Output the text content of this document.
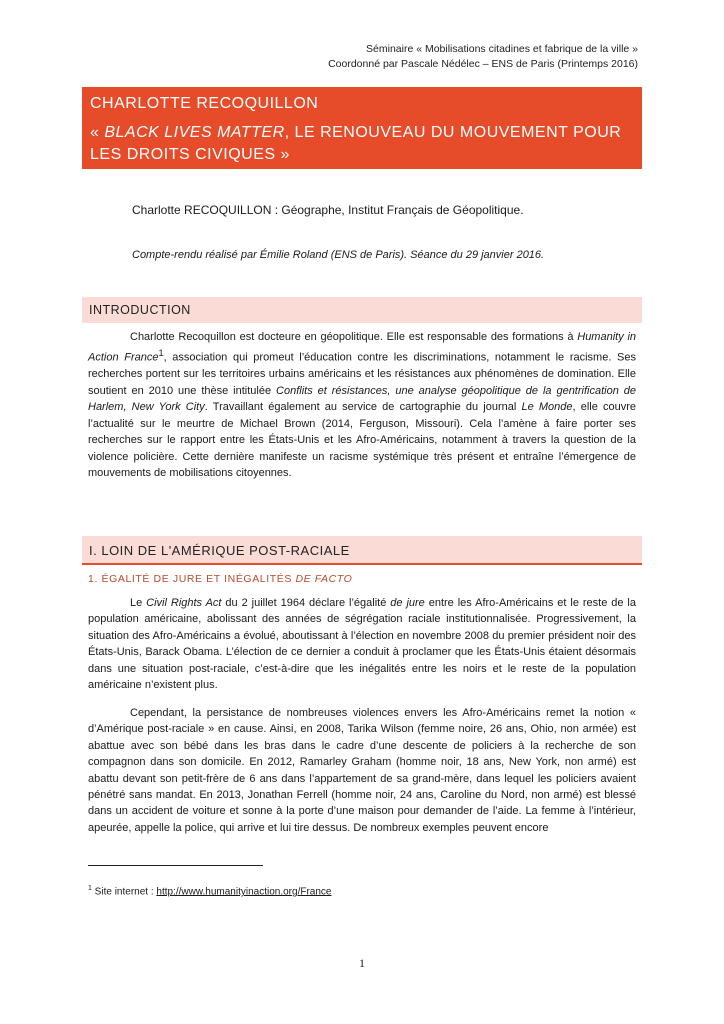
Séminaire « Mobilisations citadines et fabrique de la ville »
Coordonné par Pascale Nédélec – ENS de Paris (Printemps 2016)
CHARLOTTE RECOQUILLON
« BLACK LIVES MATTER, LE RENOUVEAU DU MOUVEMENT POUR LES DROITS CIVIQUES »
Charlotte RECOQUILLON : Géographe, Institut Français de Géopolitique.
Compte-rendu réalisé par Émilie Roland (ENS de Paris). Séance du 29 janvier 2016.
INTRODUCTION

Charlotte Recoquillon est docteure en géopolitique. Elle est responsable des formations à Humanity in Action France$^1$, association qui promeut l’éducation contre les discriminations, notamment le racisme. Ses recherches portent sur les territoires urbains américains et les résistances aux phénomènes de domination. Elle soutient en 2010 une thèse intitulée Conflits et résistances, une analyse géopolitique de la gentrification de Harlem, New York City. Travaillant également au service de cartographie du journal Le Monde, elle couvre l’actualité sur le meurtre de Michael Brown (2014, Ferguson, Missouri). Cela l’amène à faire porter ses recherches sur le rapport entre les États-Unis et les Afro-Américains, notamment à travers la question de la violence policière. Cette dernière manifeste un racisme systémique très présent et entraîne l’émergence de mouvements de mobilisations citoyennes.

I. LOIN DE L'AMÉRIQUE POST-RACIALE
1. ÉGALITÉ DE JURE ET INÉGALITÉS DE FACTO

Le Civil Rights Act du 2 juillet 1964 déclare l’égalité de jure entre les Afro-Américains et le reste de la population américaine, abolissant des années de ségrégation raciale institutionnalisée. Progressivement, la situation des Afro-Américains a évolué, aboutissant à l’élection en novembre 2008 du premier président noir des États-Unis, Barack Obama. L’élection de ce dernier a conduit à proclamer que les États-Unis étaient désormais dans une situation post-raciale, c’est-à-dire que les inégalités entre les noirs et le reste de la population américaine n’existent plus.

Cependant, la persistance de nombreuses violences envers les Afro-Américains remet la notion « d’Amérique post-raciale » en cause. Ainsi, en 2008, Tarika Wilson (femme noire, 26 ans, Ohio, non armée) est abattue avec son bébé dans les bras dans le cadre d’une descente de policiers à la recherche de son compagnon dans son domicile. En 2012, Ramarley Graham (homme noir, 18 ans, New York, non armé) est abattu devant son petit-frère de 6 ans dans l’appartement de sa grand-mère, dans lequel les policiers avaient pénétré sans mandat. En 2013, Jonathan Ferrell (homme noir, 24 ans, Caroline du Nord, non armé) est blessé dans un accident de voiture et sonne à la porte d’une maison pour demander de l’aide. La femme à l’intérieur, apeurée, appelle la police, qui arrive et lui tire dessus. De nombreux exemples peuvent encore

$^1$ Site internet : http://www.humanityinaction.org/France
1
